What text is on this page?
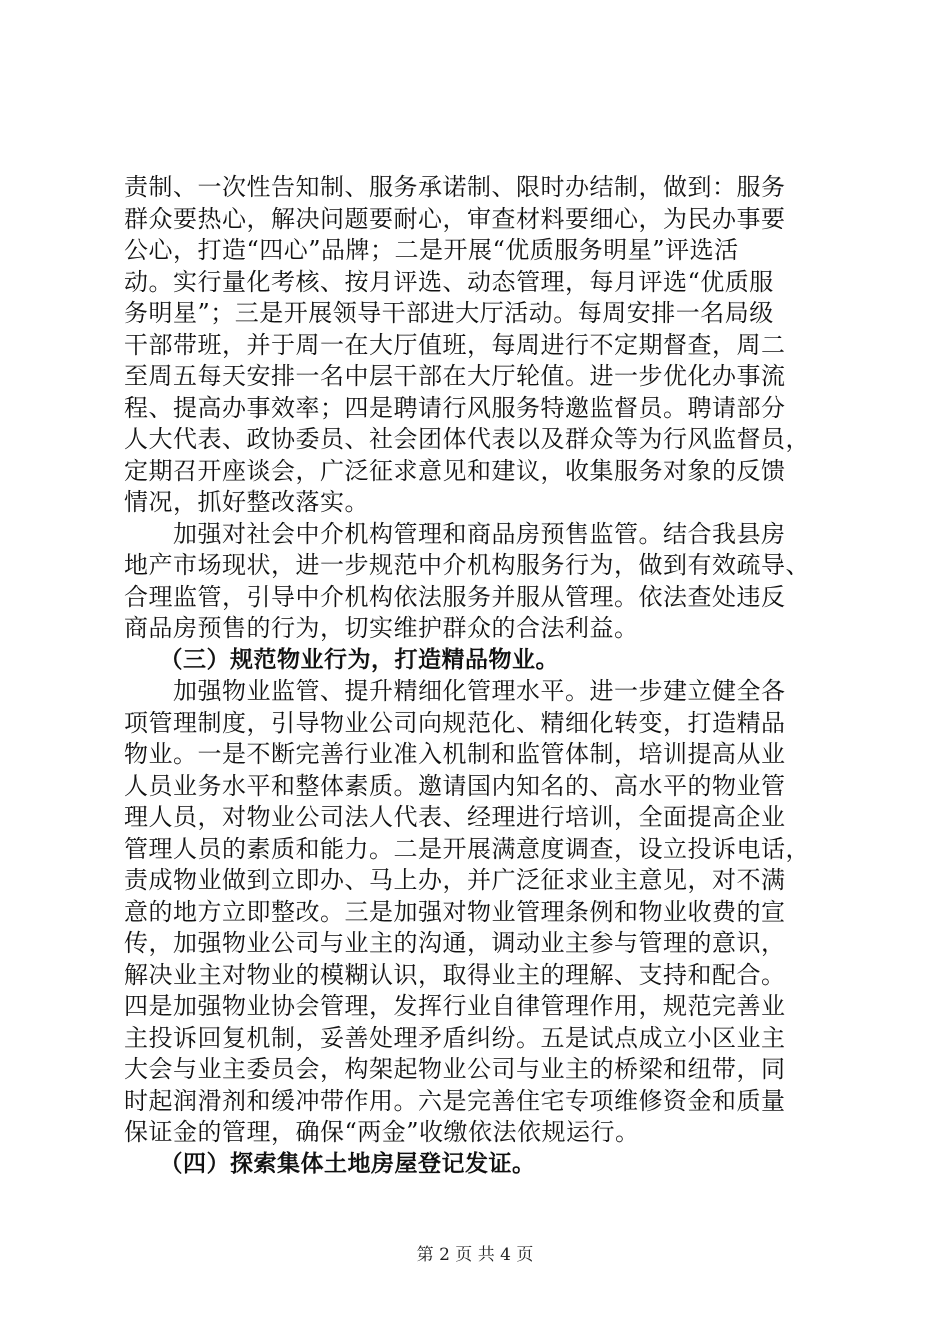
责制、一次性告知制、服务承诺制、限时办结制，做到：服务
群众要热心，解决问题要耐心，审查材料要细心，为民办事要
公心，打造“四心”品牌；二是开展“优质服务明星”评选活
动。实行量化考核、按月评选、动态管理，每月评选“优质服
务明星”；三是开展领导干部进大厅活动。每周安排一名局级
干部带班，并于周一在大厅值班，每周进行不定期督查，周二
至周五每天安排一名中层干部在大厅轮值。进一步优化办事流
程、提高办事效率；四是聘请行风服务特邀监督员。聘请部分
人大代表、政协委员、社会团体代表以及群众等为行风监督员，
定期召开座谈会，广泛征求意见和建议，收集服务对象的反馈
情况，抓好整改落实。
　　加强对社会中介机构管理和商品房预售监管。结合我县房
地产市场现状，进一步规范中介机构服务行为，做到有效疏导、
合理监管，引导中介机构依法服务并服从管理。依法查处违反
商品房预售的行为，切实维护群众的合法利益。
　　（三）规范物业行为，打造精品物业。
　　加强物业监管、提升精细化管理水平。进一步建立健全各
项管理制度，引导物业公司向规范化、精细化转变，打造精品
物业。一是不断完善行业准入机制和监管体制，培训提高从业
人员业务水平和整体素质。邀请国内知名的、高水平的物业管
理人员，对物业公司法人代表、经理进行培训，全面提高企业
管理人员的素质和能力。二是开展满意度调查，设立投诉电话，
责成物业做到立即办、马上办，并广泛征求业主意见，对不满
意的地方立即整改。三是加强对物业管理条例和物业收费的宣
传，加强物业公司与业主的沟通，调动业主参与管理的意识，
解决业主对物业的模糊认识，取得业主的理解、支持和配合。
四是加强物业协会管理，发挥行业自律管理作用，规范完善业
主投诉回复机制，妥善处理矛盾纠纷。五是试点成立小区业主
大会与业主委员会，构架起物业公司与业主的桥梁和纽带，同
时起润滑剂和缓冲带作用。六是完善住宅专项维修资金和质量
保证金的管理，确保“两金”收缴依法依规运行。
　　（四）探索集体土地房屋登记发证。
第 2 页 共 4 页
